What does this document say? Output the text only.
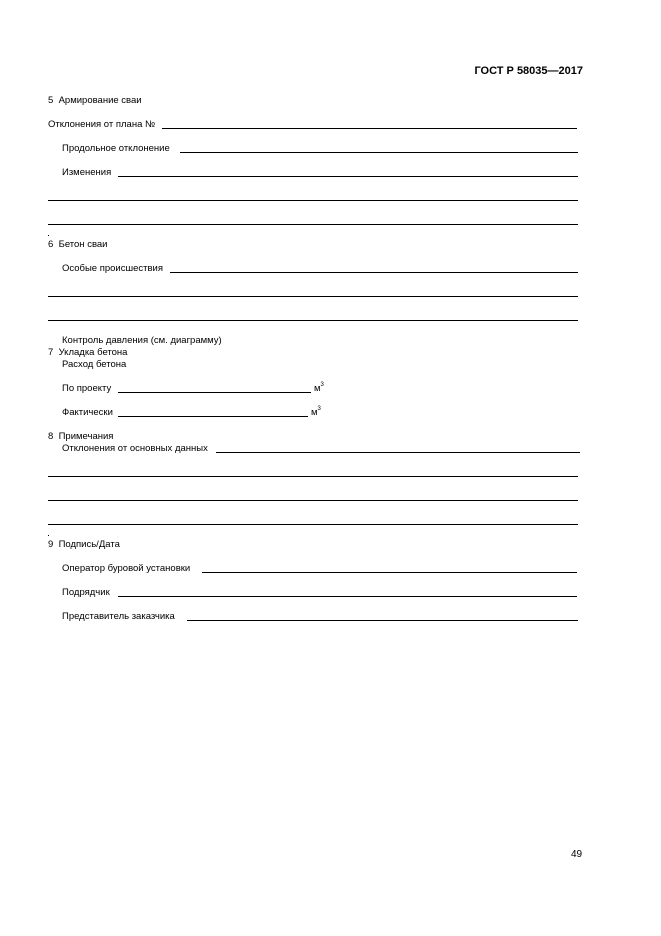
ГОСТ Р 58035—2017
5 Армирование сваи
Отклонения от плана №
Продольное отклонение
Изменения
6 Бетон сваи
Особые происшествия
Контроль давления (см. диаграмму)
7 Укладка бетона
Расход бетона
По проекту	$м^3$
Фактически	$м^3$
8 Примечания
Отклонения от основных данных
9 Подпись/Дата
Оператор буровой установки
Подрядчик
Представитель заказчика
49
